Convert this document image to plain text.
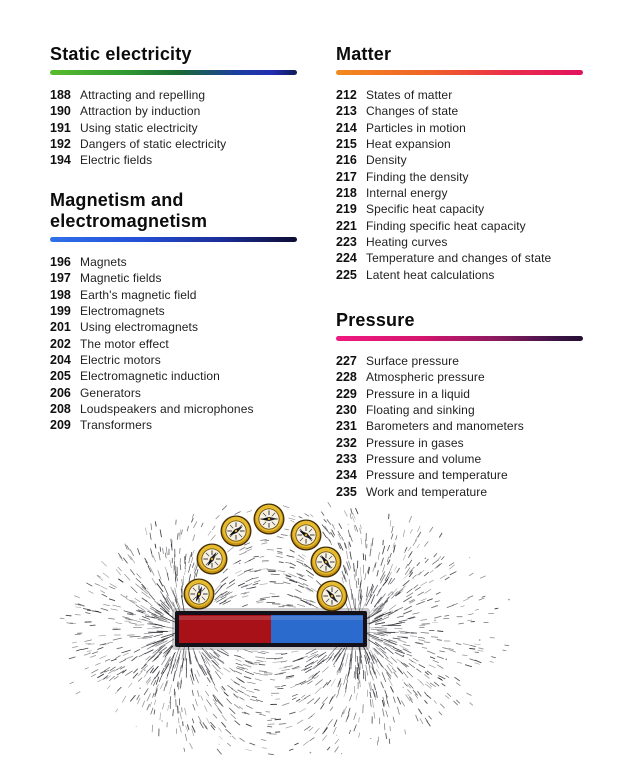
Static electricity
188 Attracting and repelling
190 Attraction by induction
191 Using static electricity
192 Dangers of static electricity
194 Electric fields
Magnetism and electromagnetism
196 Magnets
197 Magnetic fields
198 Earth's magnetic field
199 Electromagnets
201 Using electromagnets
202 The motor effect
204 Electric motors
205 Electromagnetic induction
206 Generators
208 Loudspeakers and microphones
209 Transformers
Matter
212 States of matter
213 Changes of state
214 Particles in motion
215 Heat expansion
216 Density
217 Finding the density
218 Internal energy
219 Specific heat capacity
221 Finding specific heat capacity
223 Heating curves
224 Temperature and changes of state
225 Latent heat calculations
Pressure
227 Surface pressure
228 Atmospheric pressure
229 Pressure in a liquid
230 Floating and sinking
231 Barometers and manometers
232 Pressure in gases
233 Pressure and volume
234 Pressure and temperature
235 Work and temperature
